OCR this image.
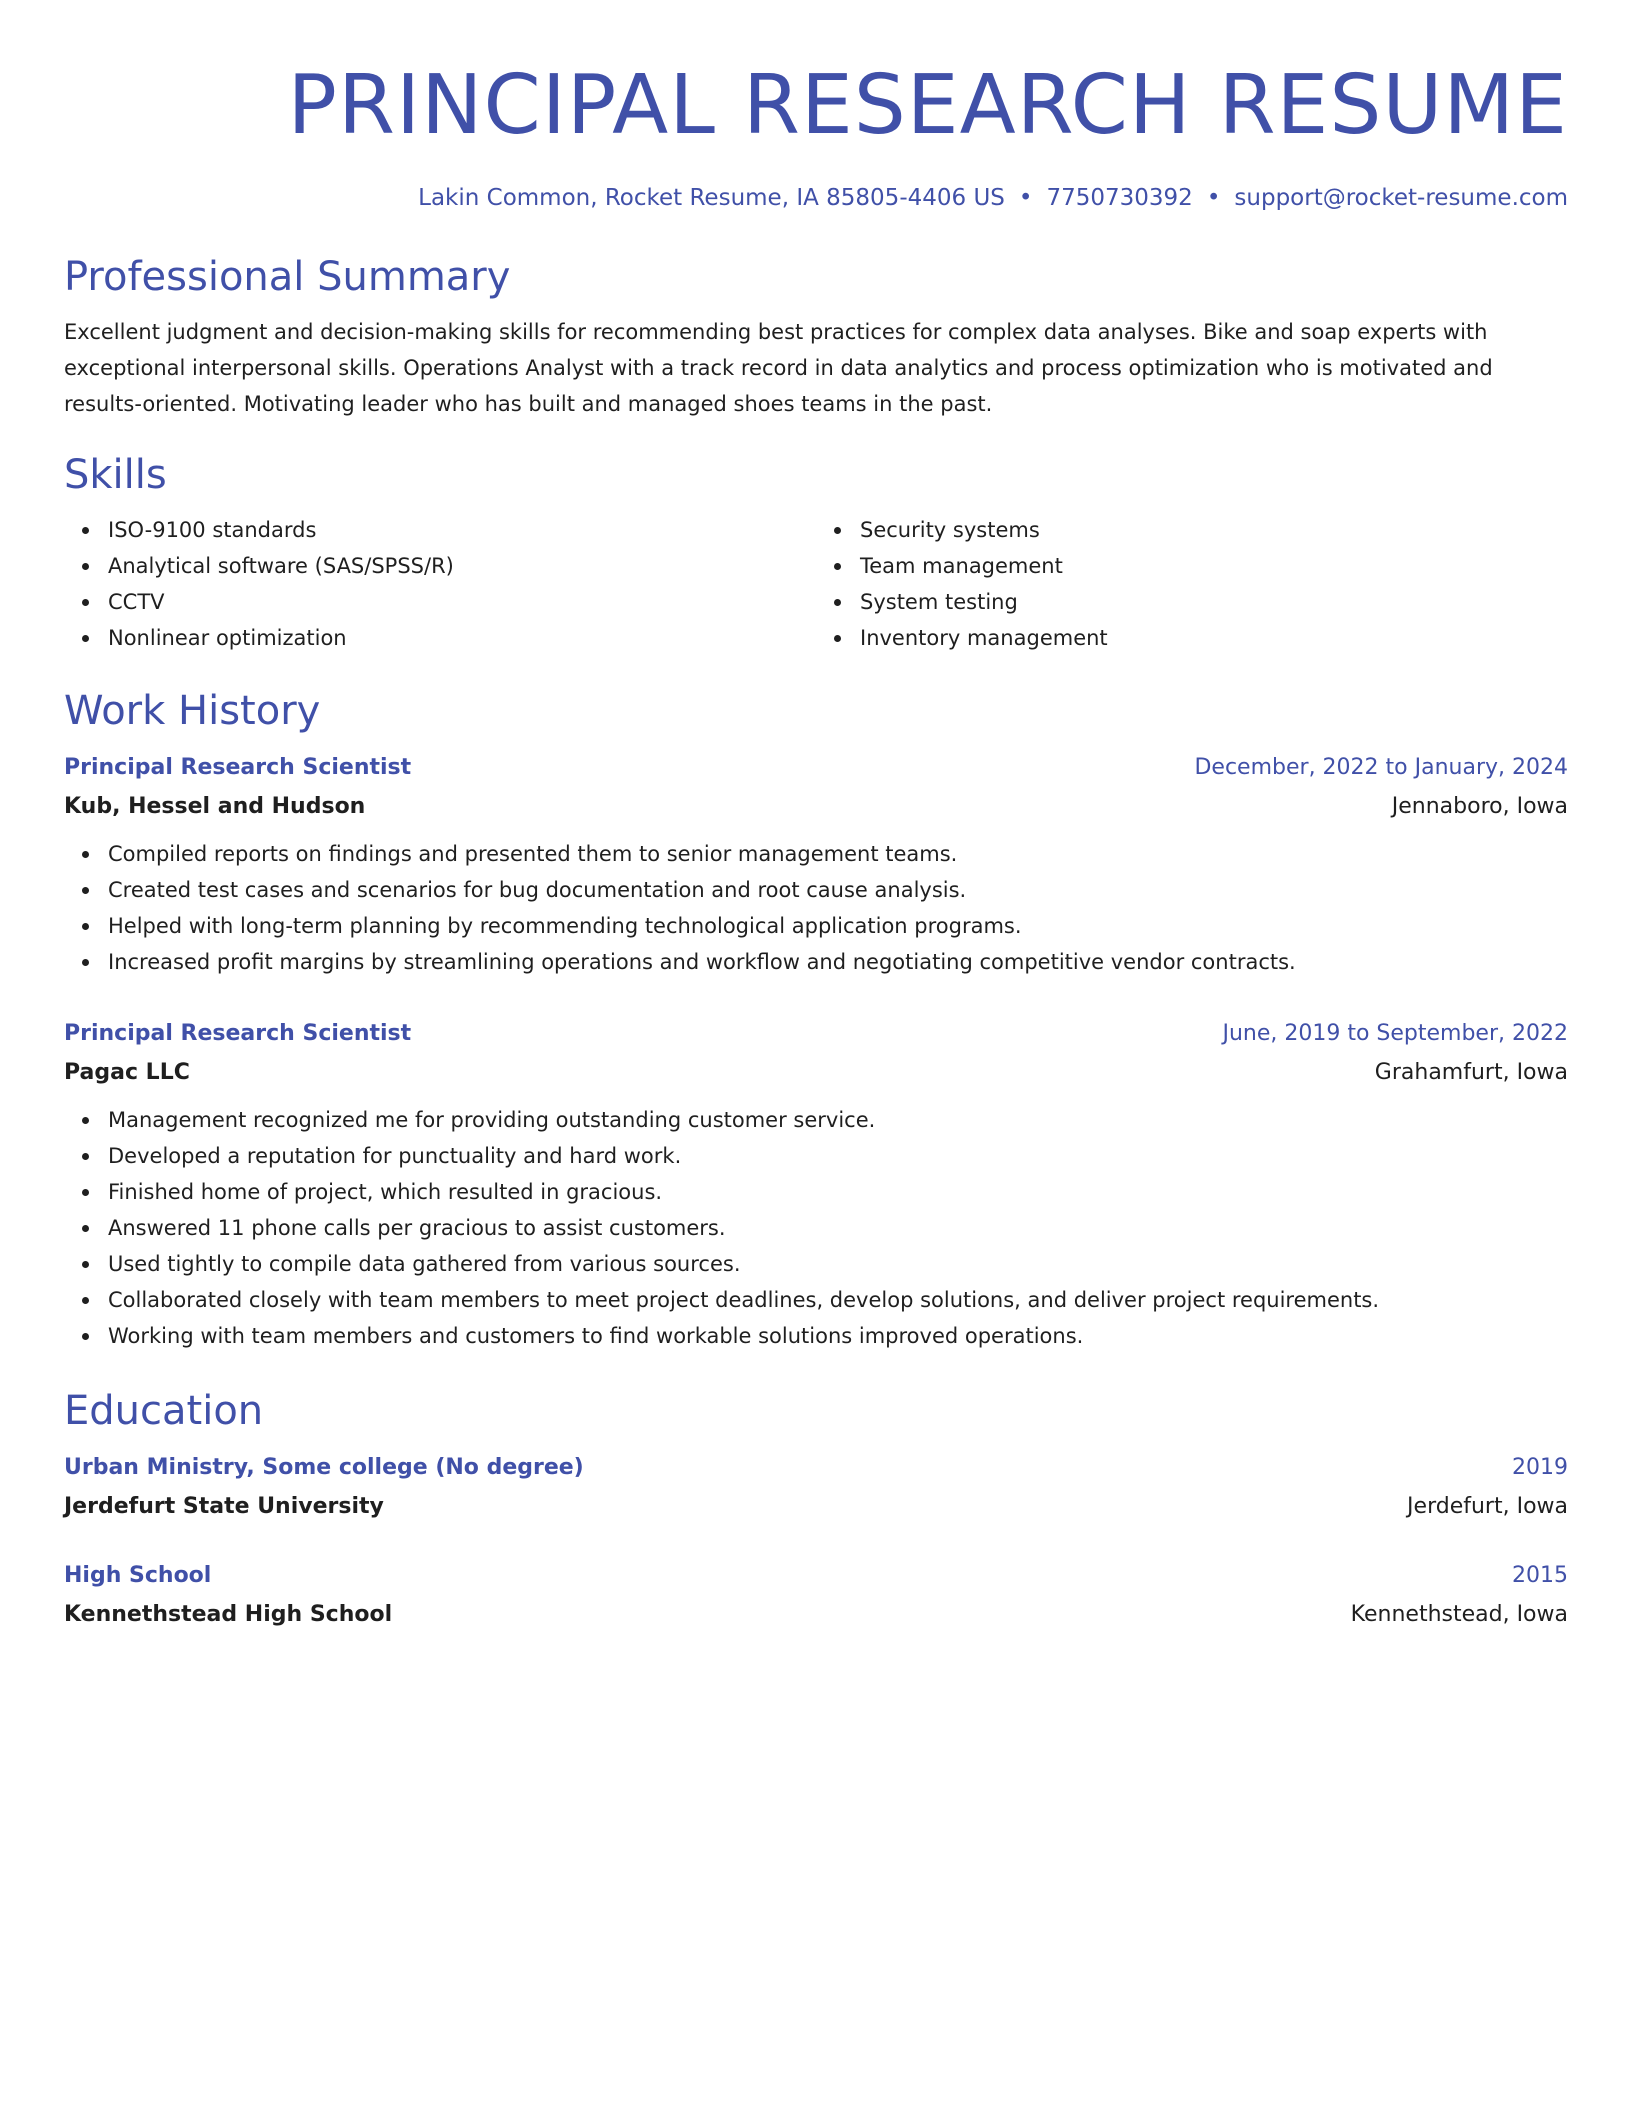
PRINCIPAL RESEARCH RESUME
Lakin Common, Rocket Resume, IA 85805-4406 US • 7750730392 • support@rocket-resume.com
Professional Summary

Excellent judgment and decision-making skills for recommending best practices for complex data analyses. Bike and soap experts with exceptional interpersonal skills. Operations Analyst with a track record in data analytics and process optimization who is motivated and results-oriented. Motivating leader who has built and managed shoes teams in the past.

Skills
ISO-9100 standards
Analytical software (SAS/SPSS/R)
CCTV
Nonlinear optimization
Security systems
Team management
System testing
Inventory management
Work History
Principal Research Scientist	December, 2022 to January, 2024
Kub, Hessel and Hudson	Jennaboro, Iowa
Compiled reports on findings and presented them to senior management teams.
Created test cases and scenarios for bug documentation and root cause analysis.
Helped with long-term planning by recommending technological application programs.
Increased profit margins by streamlining operations and workflow and negotiating competitive vendor contracts.
Principal Research Scientist	June, 2019 to September, 2022
Pagac LLC	Grahamfurt, Iowa
Management recognized me for providing outstanding customer service.
Developed a reputation for punctuality and hard work.
Finished home of project, which resulted in gracious.
Answered 11 phone calls per gracious to assist customers.
Used tightly to compile data gathered from various sources.
Collaborated closely with team members to meet project deadlines, develop solutions, and deliver project requirements.
Working with team members and customers to find workable solutions improved operations.
Education
Urban Ministry, Some college (No degree)	2019
Jerdefurt State University	Jerdefurt, Iowa
High School	2015
Kennethstead High School	Kennethstead, Iowa
